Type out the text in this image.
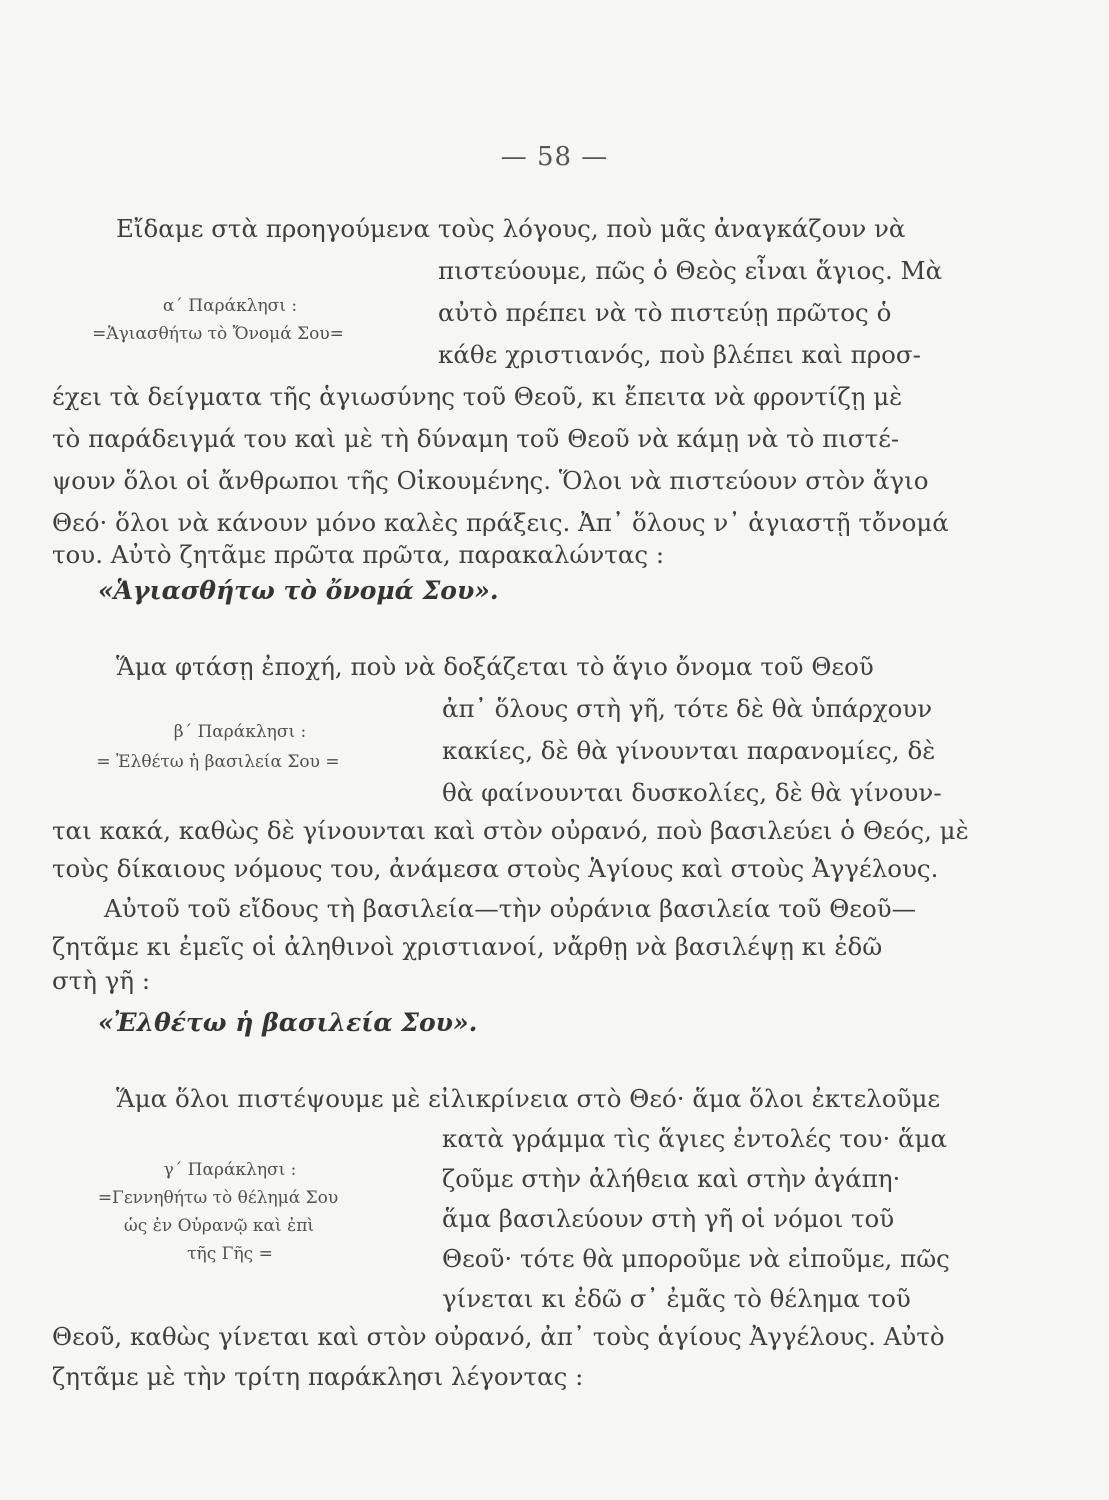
— 58 —
α΄ Παράκλησι :
=Ἁγιασθήτω τὸ Ὄνομά Σου=
Εἴδαμε στὰ προηγούμενα τοὺς λόγους, ποὺ μᾶς ἀναγκάζουν νὰ
πιστεύουμε, πῶς ὁ Θεὸς εἶναι ἅγιος. Μὰ
αὐτὸ πρέπει νὰ τὸ πιστεύῃ πρῶτος ὁ
κάθε χριστιανός, ποὺ βλέπει καὶ προσ-
έχει τὰ δείγματα τῆς ἁγιωσύνης τοῦ Θεοῦ, κι ἔπειτα νὰ φροντίζῃ μὲ
τὸ παράδειγμά του καὶ μὲ τὴ δύναμη τοῦ Θεοῦ νὰ κάμῃ νὰ τὸ πιστέ-
ψουν ὅλοι οἱ ἄνθρωποι τῆς Οἰκουμένης. Ὅλοι νὰ πιστεύουν στὸν ἅγιο
Θεό· ὅλοι νὰ κάνουν μόνο καλὲς πράξεις. Ἀπ᾽ ὅλους ν᾽ ἁγιαστῇ τὄνομά
του. Αὐτὸ ζητᾶμε πρῶτα πρῶτα, παρακαλώντας :
«Ἁγιασθήτω τὸ ὄνομά Σου».
β΄ Παράκλησι :
= Ἐλθέτω ἡ βασιλεία Σου =
Ἅμα φτάσῃ ἐποχή, ποὺ νὰ δοξάζεται τὸ ἅγιο ὄνομα τοῦ Θεοῦ
ἀπ᾽ ὅλους στὴ γῆ, τότε δὲ θὰ ὑπάρχουν
κακίες, δὲ θὰ γίνουνται παρανομίες, δὲ
θὰ φαίνουνται δυσκολίες, δὲ θὰ γίνουν-
ται κακά, καθὼς δὲ γίνουνται καὶ στὸν οὐρανό, ποὺ βασιλεύει ὁ Θεός, μὲ
τοὺς δίκαιους νόμους του, ἀνάμεσα στοὺς Ἁγίους καὶ στοὺς Ἀγγέλους.
Αὐτοῦ τοῦ εἴδους τὴ βασιλεία—τὴν οὐράνια βασιλεία τοῦ Θεοῦ—
ζητᾶμε κι ἐμεῖς οἱ ἀληθινοὶ χριστιανοί, νἄρθῃ νὰ βασιλέψῃ κι ἐδῶ
στὴ γῆ :
«Ἐλθέτω ἡ βασιλεία Σου».
γ΄ Παράκλησι :
=Γεννηθήτω τὸ θέλημά Σου
ὡς ἐν Οὐρανῷ καὶ ἐπὶ
τῆς Γῆς =
Ἅμα ὅλοι πιστέψουμε μὲ εἰλικρίνεια στὸ Θεό· ἅμα ὅλοι ἐκτελοῦμε
κατὰ γράμμα τὶς ἅγιες ἐντολές του· ἅμα
ζοῦμε στὴν ἀλήθεια καὶ στὴν ἀγάπη·
ἅμα βασιλεύουν στὴ γῆ οἱ νόμοι τοῦ
Θεοῦ· τότε θὰ μποροῦμε νὰ εἰποῦμε, πῶς
γίνεται κι ἐδῶ σ᾽ ἐμᾶς τὸ θέλημα τοῦ
Θεοῦ, καθὼς γίνεται καὶ στὸν οὐρανό, ἀπ᾽ τοὺς ἁγίους Ἀγγέλους. Αὐτὸ
ζητᾶμε μὲ τὴν τρίτη παράκλησι λέγοντας :
